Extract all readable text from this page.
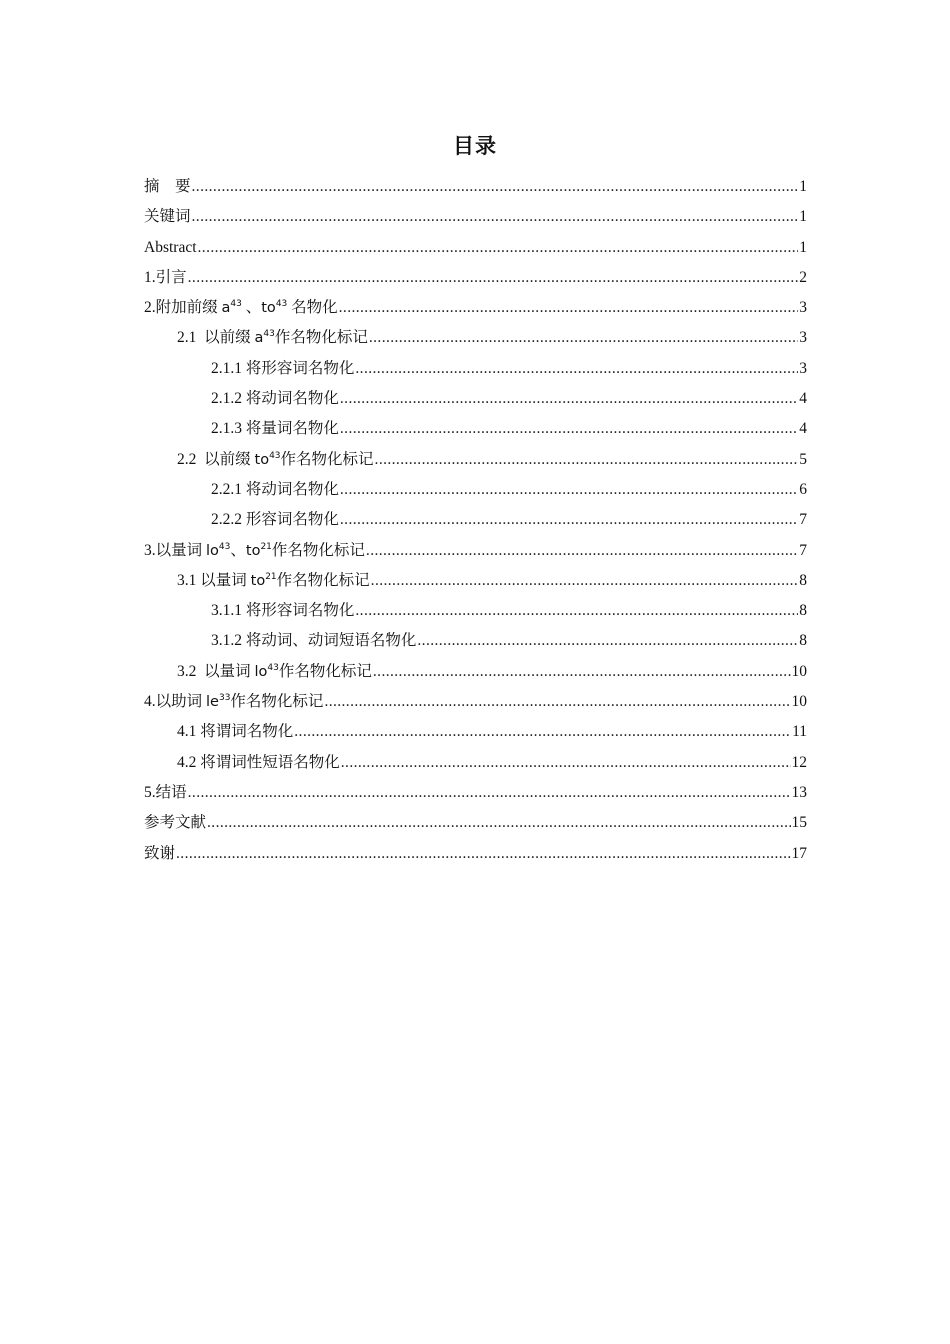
目录
摘　要 .....	1
关键词 .....	1
Abstract .....	1
1.引言 .....	2
2.附加前缀 $a^{43}$ 、 $to^{43}$ 名物化 .....	3
2.1  以前缀 $a^{43}$ 作名物化标记 .....	3
2.1.1 将形容词名物化 .....	3
2.1.2 将动词名物化 .....	4
2.1.3 将量词名物化 .....	4
2.2  以前缀 $to^{43}$ 作名物化标记 .....	5
2.2.1 将动词名物化 .....	6
2.2.2 形容词名物化 .....	7
3.以量词 $lo^{43}$ 、 $to^{21}$ 作名物化标记 .....	7
3.1 以量词 $to^{21}$ 作名物化标记 .....	8
3.1.1 将形容词名物化 .....	8
3.1.2 将动词、动词短语名物化 .....	8
3.2  以量词 $lo^{43}$ 作名物化标记 .....	10
4.以助词 $le^{33}$ 作名物化标记 .....	10
4.1 将谓词名物化 .....	11
4.2 将谓词性短语名物化 .....	12
5.结语 .....	13
参考文献 .....	15
致谢 .....	17
